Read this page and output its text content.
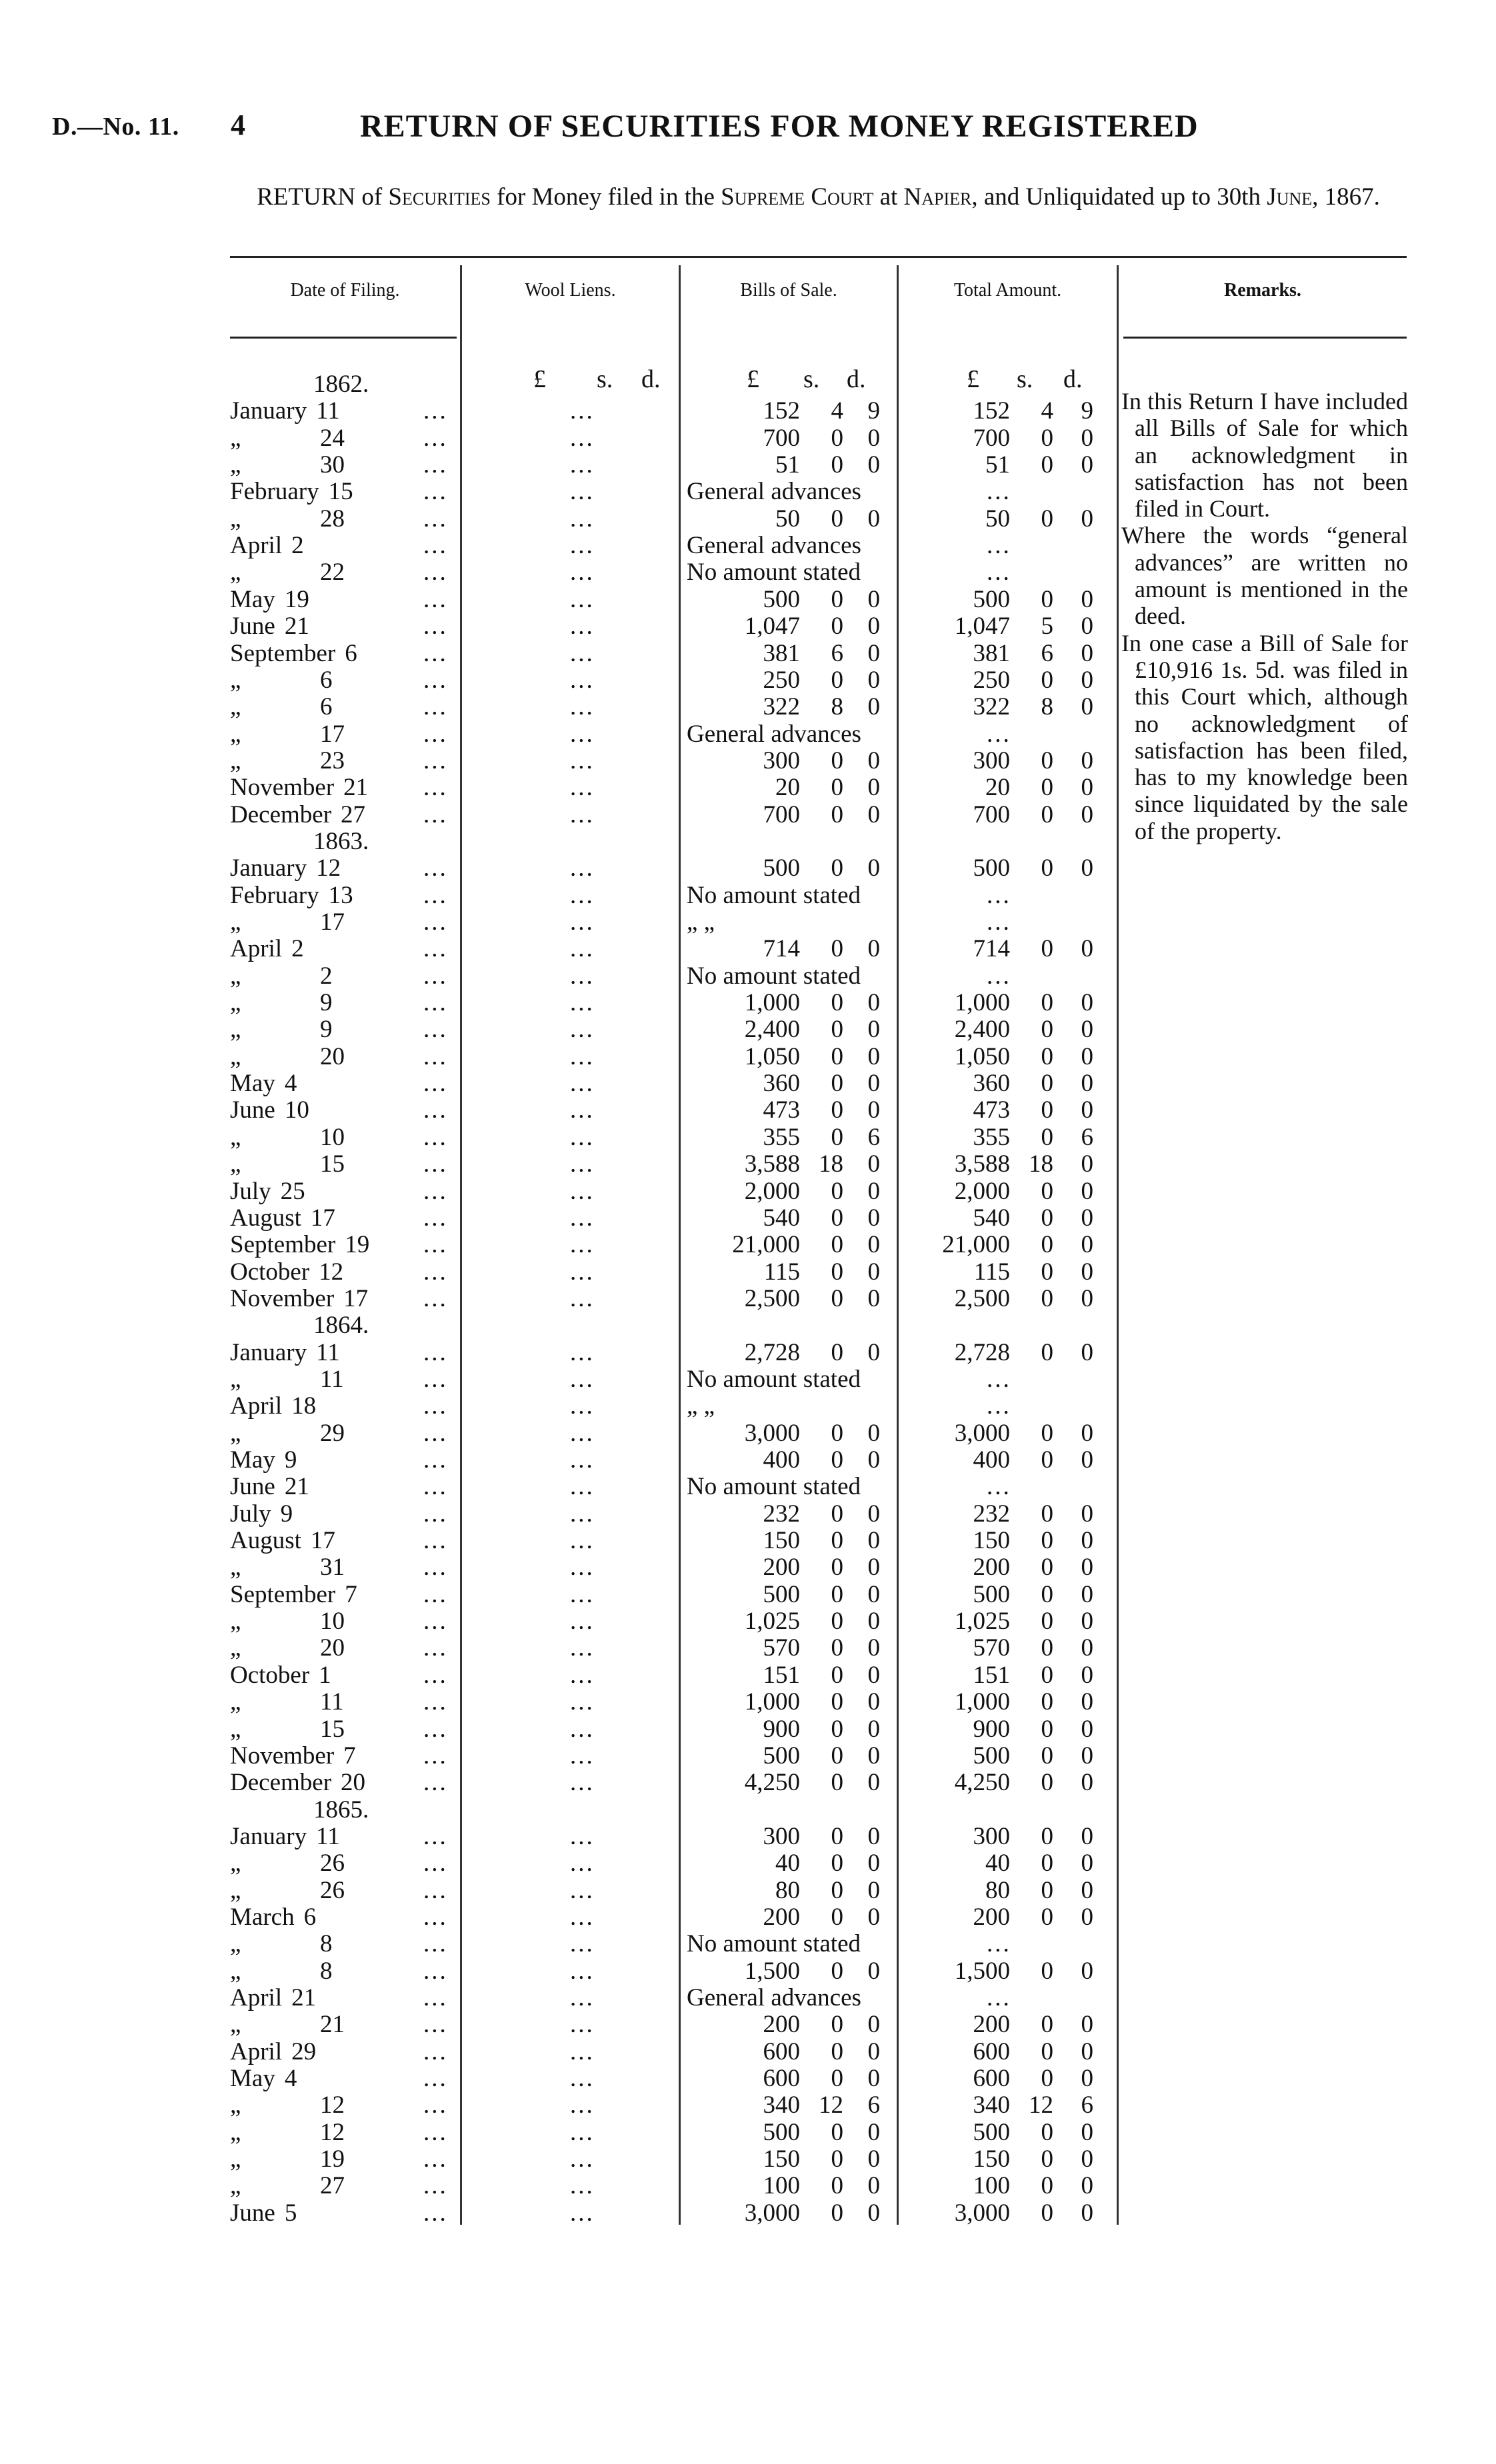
D.—No. 11. 4	RETURN OF SECURITIES FOR MONEY REGISTERED
RETURN of Securities for Money filed in the Supreme Court at Napier, and Unliquidated up to 30th June, 1867.
Date of Filing.	Wool Liens.	Bills of Sale.	Total Amount.	Remarks.
£ s. d.	£ s. d.	£ s. d.
1862.
January 11	...	...	152	4 9	152	4	9
„	24	...	...	700	0 0	700	0	0
„	30	...	...	51	0 0	51	0	0
February 15	...	...	General advances	...
„	28	...	...	50	0 0	50	0	0
April 2	...	...	General advances	...
„	22	...	...	No amount stated	...
May 19	...	...	500	0 0	500	0	0
June 21	...	...	1,047	0 0	1,047	5	0
September 6	...	...	381	6 0	381	6	0
„	6	...	...	250	0 0	250	0	0
„	6	...	...	322	8 0	322	8	0
„	17	...	...	General advances	...
„	23	...	...	300	0 0	300	0	0
November 21 ...	...	20	0 0	20	0	0
December 27 ...	...	700	0 0	700	0	0
1863.
January 12	...	...	500	0 0	500	0	0
February 13	...	...	No amount stated	...
„	17	...	...	„ „	...
April 2	...	...	714	0 0	714	0	0
„	2	...	...	No amount stated	...
„	9	...	...	1,000	0 0	1,000	0	0
„	9	...	...	2,400	0 0	2,400	0	0
„	20	...	...	1,050	0 0	1,050	0	0
May 4	...	...	360	0 0	360	0	0
June 10	...	...	473	0 0	473	0	0
„	10	...	...	355	0 6	355	0	6
„	15	...	...	3,588 18 0	3,588 18	0
July 25	...	...	2,000	0 0	2,000	0	0
August 17	...	...	540	0 0	540	0	0
September 19 ...	...	21,000	0 0	21,000	0	0
October 12	...	...	115	0 0	115	0	0
November 17 ...	...	2,500	0 0	2,500	0	0
1864.
January 11	...	...	2,728	0 0	2,728	0	0
„	11	...	...	No amount stated	...
April 18	...	...	„ „	...
„	29	...	...	3,000	0 0	3,000	0	0
May 9	...	...	400	0 0	400	0	0
June 21	...	...	No amount stated	...
July 9	...	...	232	0 0	232	0	0
August 17	...	...	150	0 0	150	0	0
„	31	...	...	200	0 0	200	0	0
September 7	...	...	500	0 0	500	0	0
„	10	...	...	1,025	0 0	1,025	0	0
„	20	...	...	570	0 0	570	0	0
October 1	...	...	151	0 0	151	0	0
„	11	...	...	1,000	0 0	1,000	0	0
„	15	...	...	900	0 0	900	0	0
November 7	...	...	500	0 0	500	0	0
December 20 ...	...	4,250	0 0	4,250	0	0
1865.
January 11	...	...	300	0 0	300	0	0
„	26	...	...	40	0 0	40	0	0
„	26	...	...	80	0 0	80	0	0
March 6	...	...	200	0 0	200	0	0
„	8	...	...	No amount stated	...
„	8	...	...	1,500	0 0	1,500	0	0
April 21	...	...	General advances	...
„	21	...	...	200	0 0	200	0	0
April 29	...	...	600	0 0	600	0	0
May 4	...	...	600	0 0	600	0	0
„	12	...	...	340 12 6	340 12	6
„	12	...	...	500	0 0	500	0	0
„	19	...	...	150	0 0	150	0	0
„	27	...	...	100	0 0	100	0	0
June 5	...	...	3,000	0 0	3,000	0	0

In this Return I have included all Bills of Sale for which an acknowledgment in satisfaction has not been filed in Court.

Where the words “general advances” are written no amount is mentioned in the deed.

In one case a Bill of Sale for £10,916 1s. 5d. was filed in this Court which, although no acknowledgment of satisfaction has been filed, has to my knowledge been since liquidated by the sale of the property.
